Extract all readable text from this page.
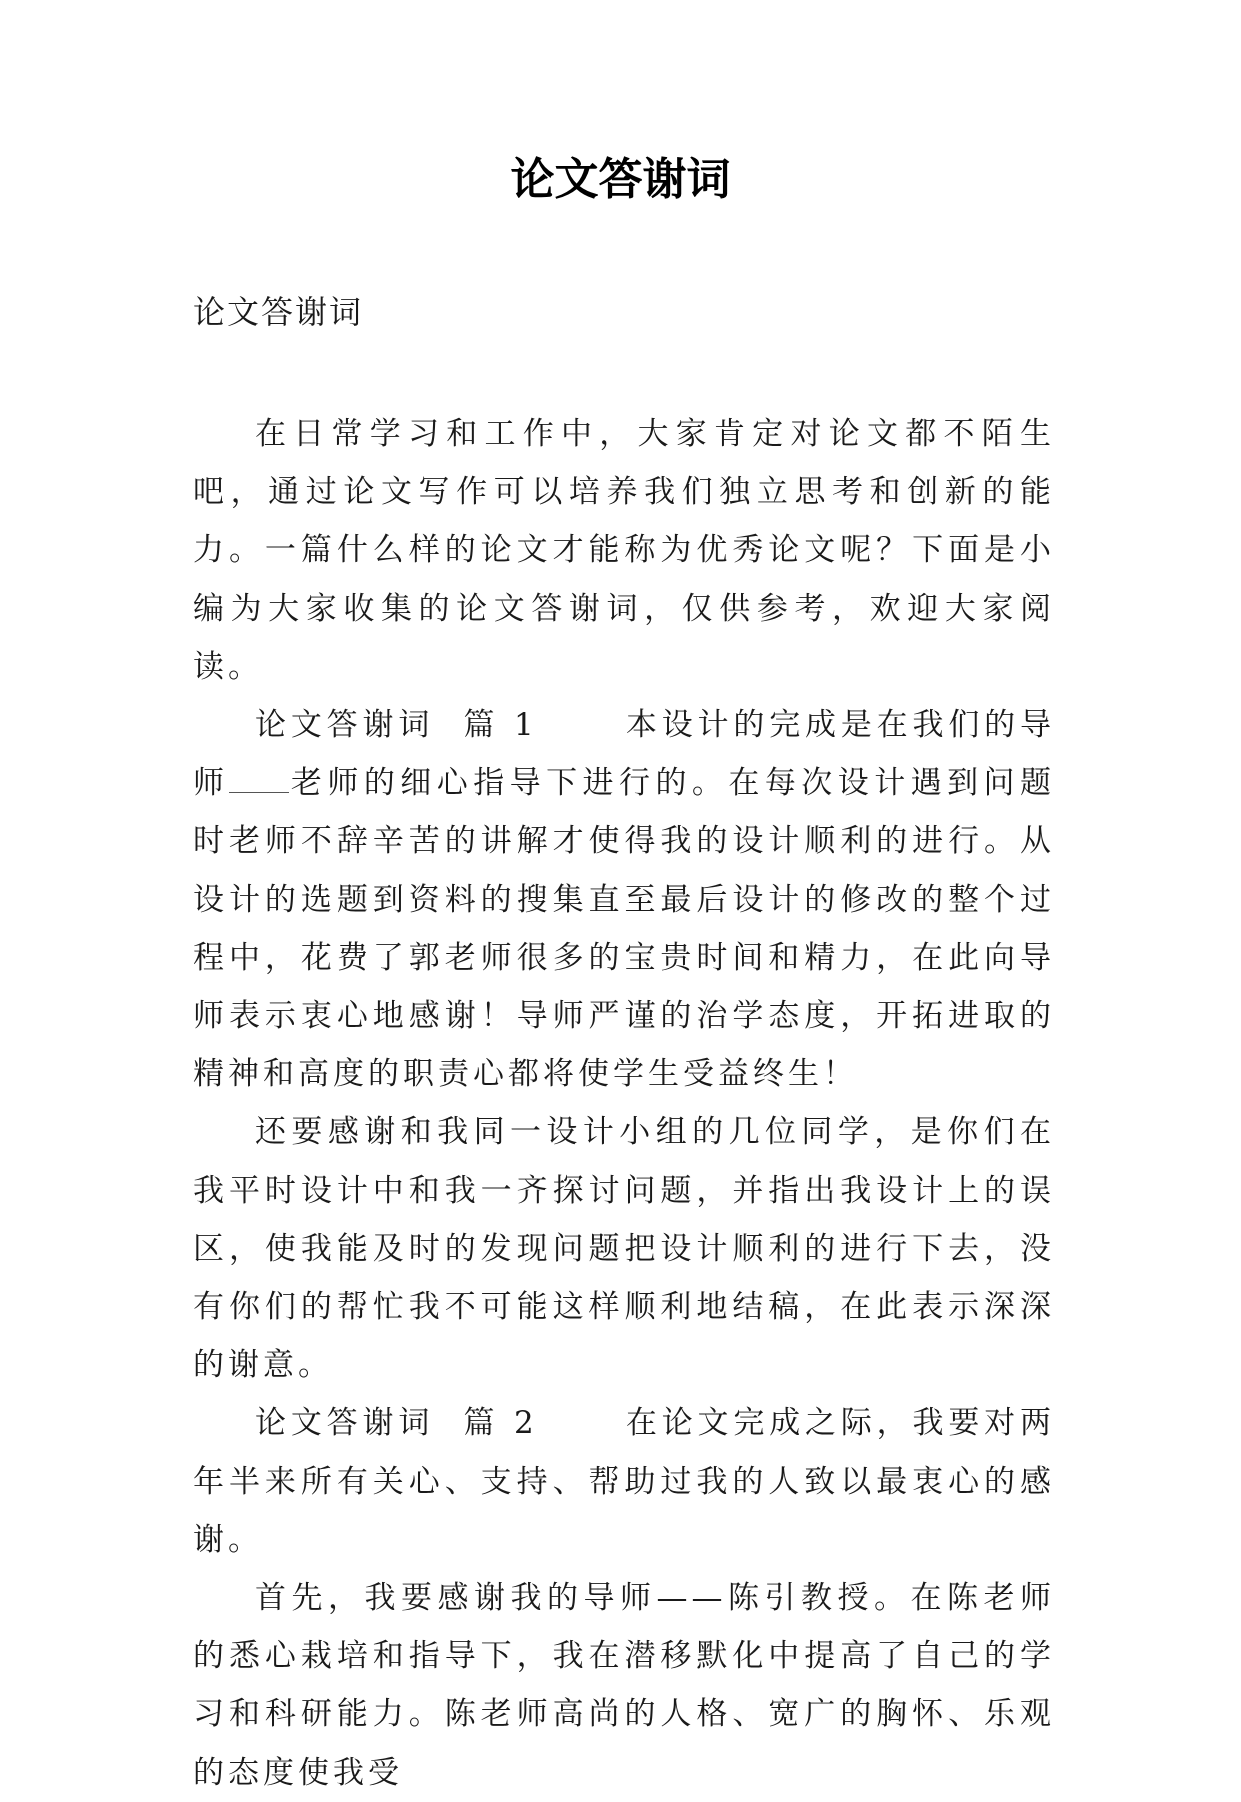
论文答谢词

论文答谢词

在日常学习和工作中，大家肯定对论文都不陌生吧，通过论文写作可以培养我们独立思考和创新的能力。一篇什么样的论文才能称为优秀论文呢？下面是小编为大家收集的论文答谢词，仅供参考，欢迎大家阅读。

论文答谢词  篇 1	本设计的完成是在我们的导师 老师的细心指导下进行的。在每次设计遇到问题时老师不辞辛苦的讲解才使得我的设计顺利的进行。从设计的选题到资料的搜集直至最后设计的修改的整个过程中，花费了郭老师很多的宝贵时间和精力，在此向导师表示衷心地感谢！导师严谨的治学态度，开拓进取的精神和高度的职责心都将使学生受益终生！

还要感谢和我同一设计小组的几位同学，是你们在我平时设计中和我一齐探讨问题，并指出我设计上的误区，使我能及时的发现问题把设计顺利的进行下去，没有你们的帮忙我不可能这样顺利地结稿，在此表示深深的谢意。

论文答谢词  篇 2	在论文完成之际，我要对两年半来所有关心、支持、帮助过我的人致以最衷心的感谢。

首先，我要感谢我的导师——陈引教授。在陈老师的悉心栽培和指导下，我在潜移默化中提高了自己的学习和科研能力。陈老师高尚的人格、宽广的胸怀、乐观的态度使我受
